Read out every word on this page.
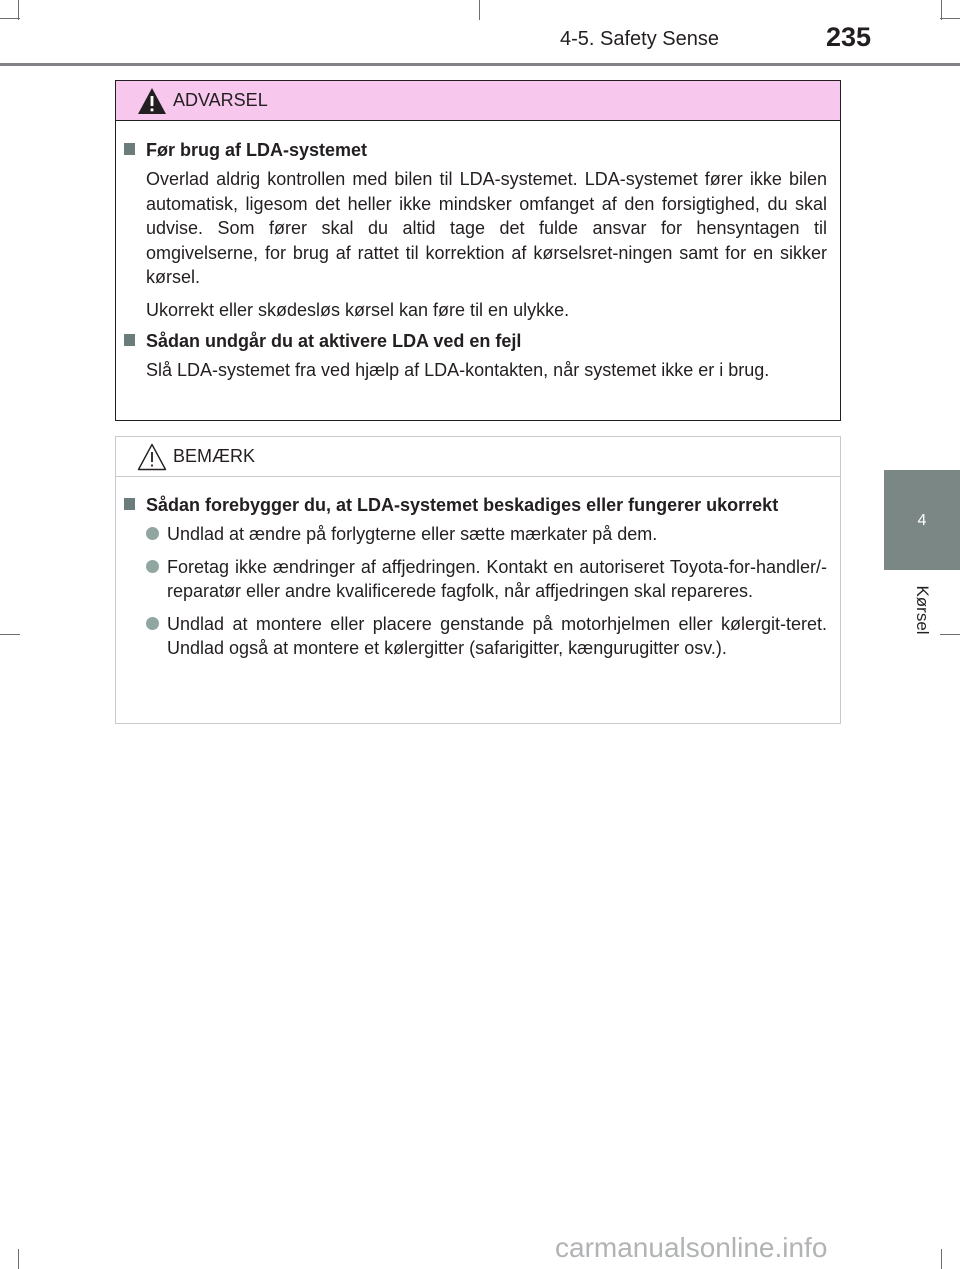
4-5. Safety Sense	235
4
Kørsel
ADVARSEL
Før brug af LDA-systemet

Overlad aldrig kontrollen med bilen til LDA-systemet. LDA-systemet fører ikke bilen automatisk, ligesom det heller ikke mindsker omfanget af den forsigtighed, du skal udvise. Som fører skal du altid tage det fulde ansvar for hensyntagen til omgivelserne, for brug af rattet til korrektion af kørselsret-ningen samt for en sikker kørsel.

Ukorrekt eller skødesløs kørsel kan føre til en ulykke.

Sådan undgår du at aktivere LDA ved en fejl

Slå LDA-systemet fra ved hjælp af LDA-kontakten, når systemet ikke er i brug.

BEMÆRK
Sådan forebygger du, at LDA-systemet beskadiges eller fungerer ukorrekt
Undlad at ændre på forlygterne eller sætte mærkater på dem.
Foretag ikke ændringer af affjedringen. Kontakt en autoriseret Toyota-for-handler/-reparatør eller andre kvalificerede fagfolk, når affjedringen skal repareres.
Undlad at montere eller placere genstande på motorhjelmen eller kølergit-teret. Undlad også at montere et kølergitter (safarigitter, kængurugitter osv.).
carmanualsonline.info
